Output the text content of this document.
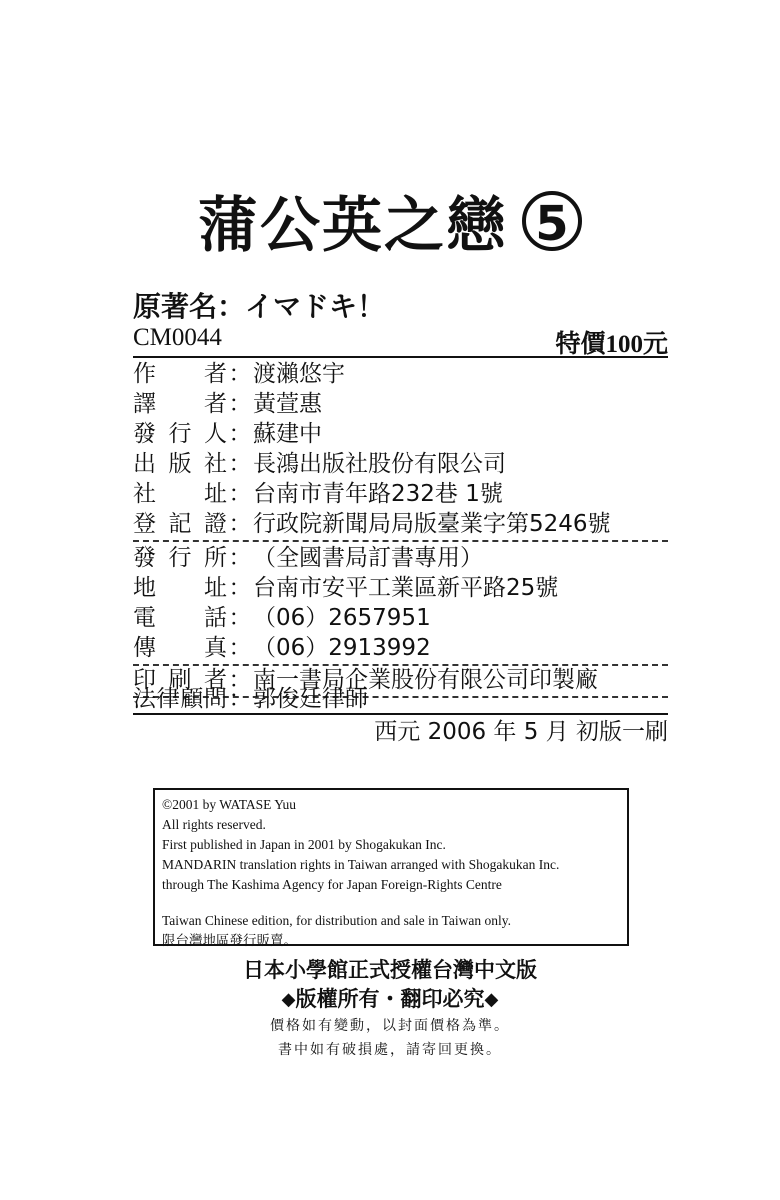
蒲公英之戀 5
原著名：イマドキ！
CM0044	特價100元
作者：渡瀨悠宇
譯者：黃萱惠
發行人：蘇建中
出版社：長鴻出版社股份有限公司
社址：台南市青年路232巷 1號
登記證：行政院新聞局局版臺業字第5246號
發行所：（全國書局訂書專用）
地址：台南市安平工業區新平路25號
電話：（06）2657951
傳真：（06）2913992
印刷者：南一書局企業股份有限公司印製廠
法律顧問：郭俊廷律師
西元 2006 年 5 月 初版一刷
©2001 by WATASE Yuu
All rights reserved.
First published in Japan in 2001 by Shogakukan Inc.
MANDARIN translation rights in Taiwan arranged with Shogakukan Inc.
through The Kashima Agency for Japan Foreign-Rights Centre
Taiwan Chinese edition, for distribution and sale in Taiwan only.
限台灣地區發行販賣。
日本小學館正式授權台灣中文版
◆版權所有・翻印必究◆
價格如有變動，以封面價格為準。
書中如有破損處，請寄回更換。
